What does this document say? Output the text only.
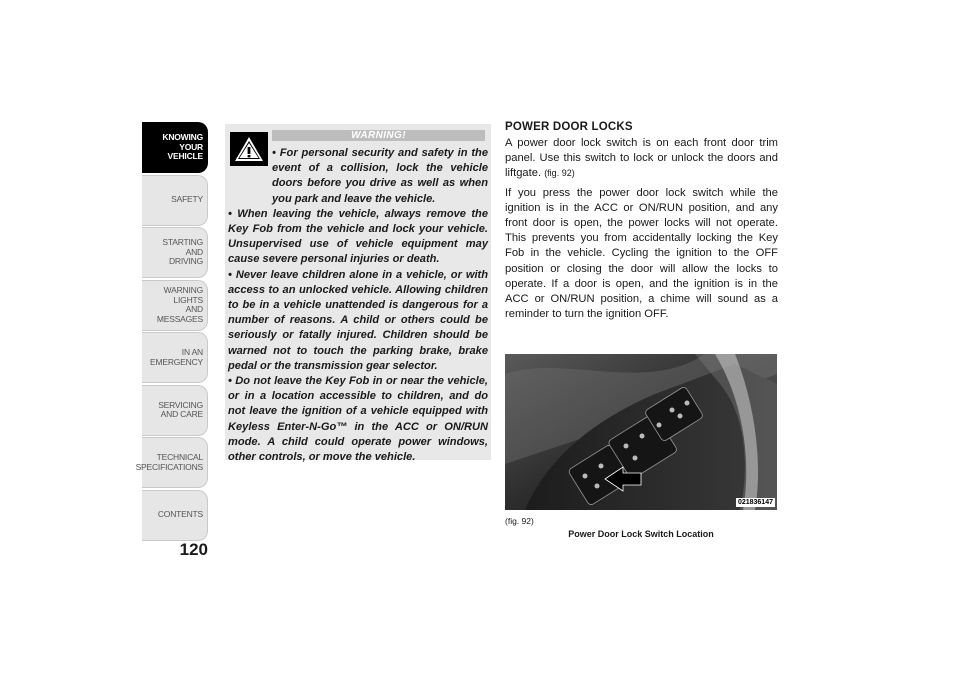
KNOWING
YOUR
VEHICLE
SAFETY
STARTING
AND
DRIVING
WARNING
LIGHTS
AND
MESSAGES
IN AN
EMERGENCY
SERVICING
AND CARE
TECHNICAL
SPECIFICATIONS
CONTENTS
120
WARNING!

• For personal security and safety in the event of a collision, lock the vehicle doors before you drive as well as when you park and leave the vehicle.

• When leaving the vehicle, always remove the Key Fob from the vehicle and lock your vehicle. Unsupervised use of vehicle equipment may cause severe personal injuries or death.

• Never leave children alone in a vehicle, or with access to an unlocked vehicle. Allowing children to be in a vehicle unattended is dangerous for a number of reasons. A child or others could be seriously or fatally injured. Children should be warned not to touch the parking brake, brake pedal or the transmission gear selector.

• Do not leave the Key Fob in or near the vehicle, or in a location accessible to children, and do not leave the ignition of a vehicle equipped with Keyless Enter-N-Go™ in the ACC or ON/RUN mode. A child could operate power windows, other controls, or move the vehicle.

POWER DOOR LOCKS

A power door lock switch is on each front door trim panel. Use this switch to lock or unlock the doors and liftgate. (fig. 92)

If you press the power door lock switch while the ignition is in the ACC or ON/RUN position, and any front door is open, the power locks will not operate. This prevents you from accidentally locking the Key Fob in the vehicle. Cycling the ignition to the OFF position or closing the door will allow the locks to operate. If a door is open, and the ignition is in the ACC or ON/RUN position, a chime will sound as a reminder to turn the ignition OFF.

021836147
(fig. 92)
Power Door Lock Switch Location
